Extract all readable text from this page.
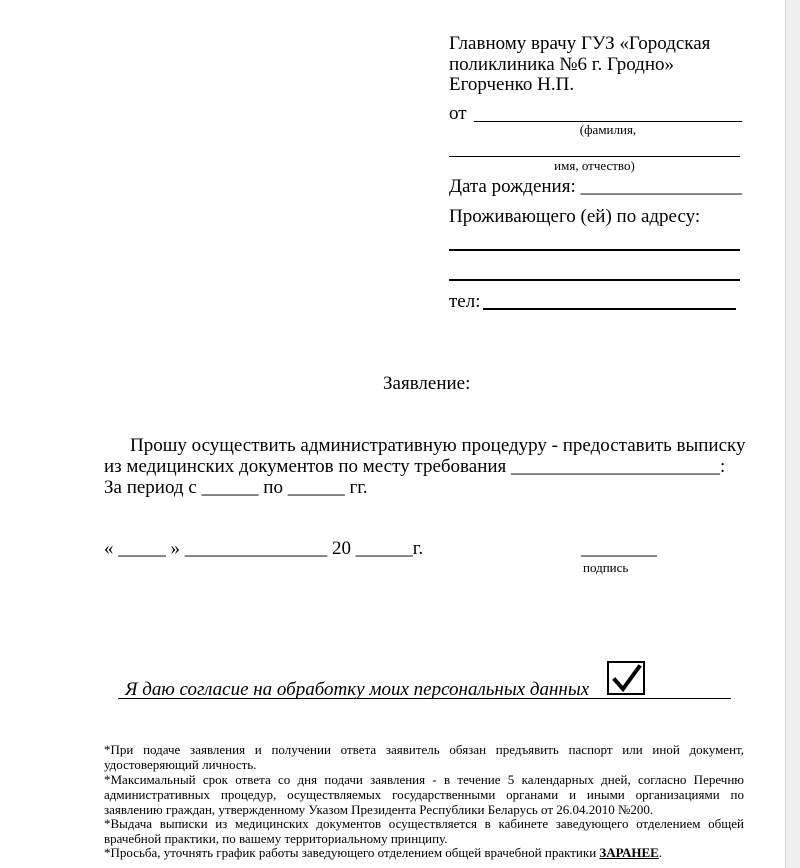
Главному врачу ГУЗ «Городская
поликлиника №6 г. Гродно»
Егорченко Н.П.
от
(фамилия,
имя, отчество)
Дата рождения: _________________
Проживающего (ей) по адресу:
тел:
Заявление:
Прошу осуществить административную процедуру - предоставить выписку
из медицинских документов по месту требования ______________________:
За период с ______ по ______ гг.
« _____ » _______________ 20 ______г.	________
подпись
Я даю согласие на обработку моих персональных данных
*При подаче заявления и получении ответа заявитель обязан предъявить паспорт или иной документ, удостоверяющий личность.
*Максимальный срок ответа со дня подачи заявления - в течение 5 календарных дней, согласно Перечню административных процедур, осуществляемых государственными органами и иными организациями по заявлению граждан, утвержденному Указом Президента Республики Беларусь от 26.04.2010 №200.
*Выдача выписки из медицинских документов осуществляется в кабинете заведующего отделением общей врачебной практики, по вашему территориальному принципу.
*Просьба, уточнять график работы заведующего отделением общей врачебной практики ЗАРАНЕЕ.
